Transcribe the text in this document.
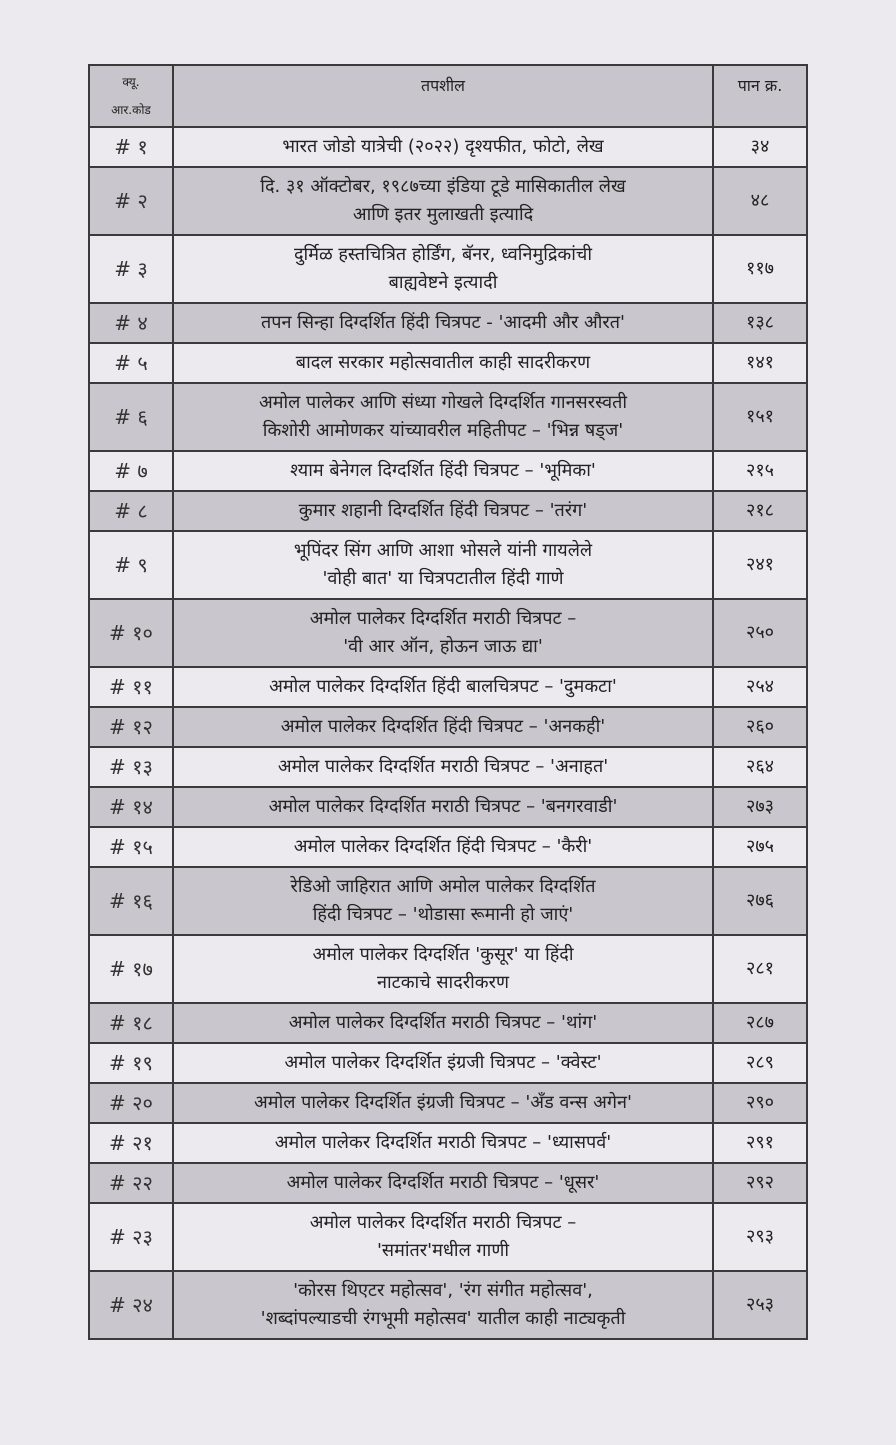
क्यू.
आर.कोड	तपशील	पान क्र.
# १	भारत जोडो यात्रेची (२०२२) दृश्यफीत, फोटो, लेख	३४
# २	दि. ३१ ऑक्टोबर, १९८७च्या इंडिया टूडे मासिकातील लेख
आणि इतर मुलाखती इत्यादि	४८
# ३	दुर्मिळ हस्तचित्रित होर्डिंग, बॅनर, ध्वनिमुद्रिकांची
बाह्यवेष्टने इत्यादी	११७
# ४	तपन सिन्हा दिग्दर्शित हिंदी चित्रपट - 'आदमी और औरत'	१३८
# ५	बादल सरकार महोत्सवातील काही सादरीकरण	१४१
# ६	अमोल पालेकर आणि संध्या गोखले दिग्दर्शित गानसरस्वती
किशोरी आमोणकर यांच्यावरील महितीपट – 'भिन्न षड्ज'	१५१
# ७	श्याम बेनेगल दिग्दर्शित हिंदी चित्रपट – 'भूमिका'	२१५
# ८	कुमार शहानी दिग्दर्शित हिंदी चित्रपट – 'तरंग'	२१८
# ९	भूपिंदर सिंग आणि आशा भोसले यांनी गायलेले
'वोही बात' या चित्रपटातील हिंदी गाणे	२४१
# १०	अमोल पालेकर दिग्दर्शित मराठी चित्रपट –
'वी आर ऑन, होऊन जाऊ द्या'	२५०
# ११	अमोल पालेकर दिग्दर्शित हिंदी बालचित्रपट – 'दुमकटा'	२५४
# १२	अमोल पालेकर दिग्दर्शित हिंदी चित्रपट – 'अनकही'	२६०
# १३	अमोल पालेकर दिग्दर्शित मराठी चित्रपट – 'अनाहत'	२६४
# १४	अमोल पालेकर दिग्दर्शित मराठी चित्रपट – 'बनगरवाडी'	२७३
# १५	अमोल पालेकर दिग्दर्शित हिंदी चित्रपट – 'कैरी'	२७५
# १६	रेडिओ जाहिरात आणि अमोल पालेकर दिग्दर्शित
हिंदी चित्रपट – 'थोडासा रूमानी हो जाएं'	२७६
# १७	अमोल पालेकर दिग्दर्शित 'कुसूर' या हिंदी
नाटकाचे सादरीकरण	२८१
# १८	अमोल पालेकर दिग्दर्शित मराठी चित्रपट – 'थांग'	२८७
# १९	अमोल पालेकर दिग्दर्शित इंग्रजी चित्रपट – 'क्वेस्ट'	२८९
# २०	अमोल पालेकर दिग्दर्शित इंग्रजी चित्रपट – 'अँड वन्स अगेन'	२९०
# २१	अमोल पालेकर दिग्दर्शित मराठी चित्रपट – 'ध्यासपर्व'	२९१
# २२	अमोल पालेकर दिग्दर्शित मराठी चित्रपट – 'धूसर'	२९२
# २३	अमोल पालेकर दिग्दर्शित मराठी चित्रपट –
'समांतर'मधील गाणी	२९३
# २४	'कोरस थिएटर महोत्सव', 'रंग संगीत महोत्सव',
'शब्दांपल्याडची रंगभूमी महोत्सव' यातील काही नाट्यकृती	२५३
